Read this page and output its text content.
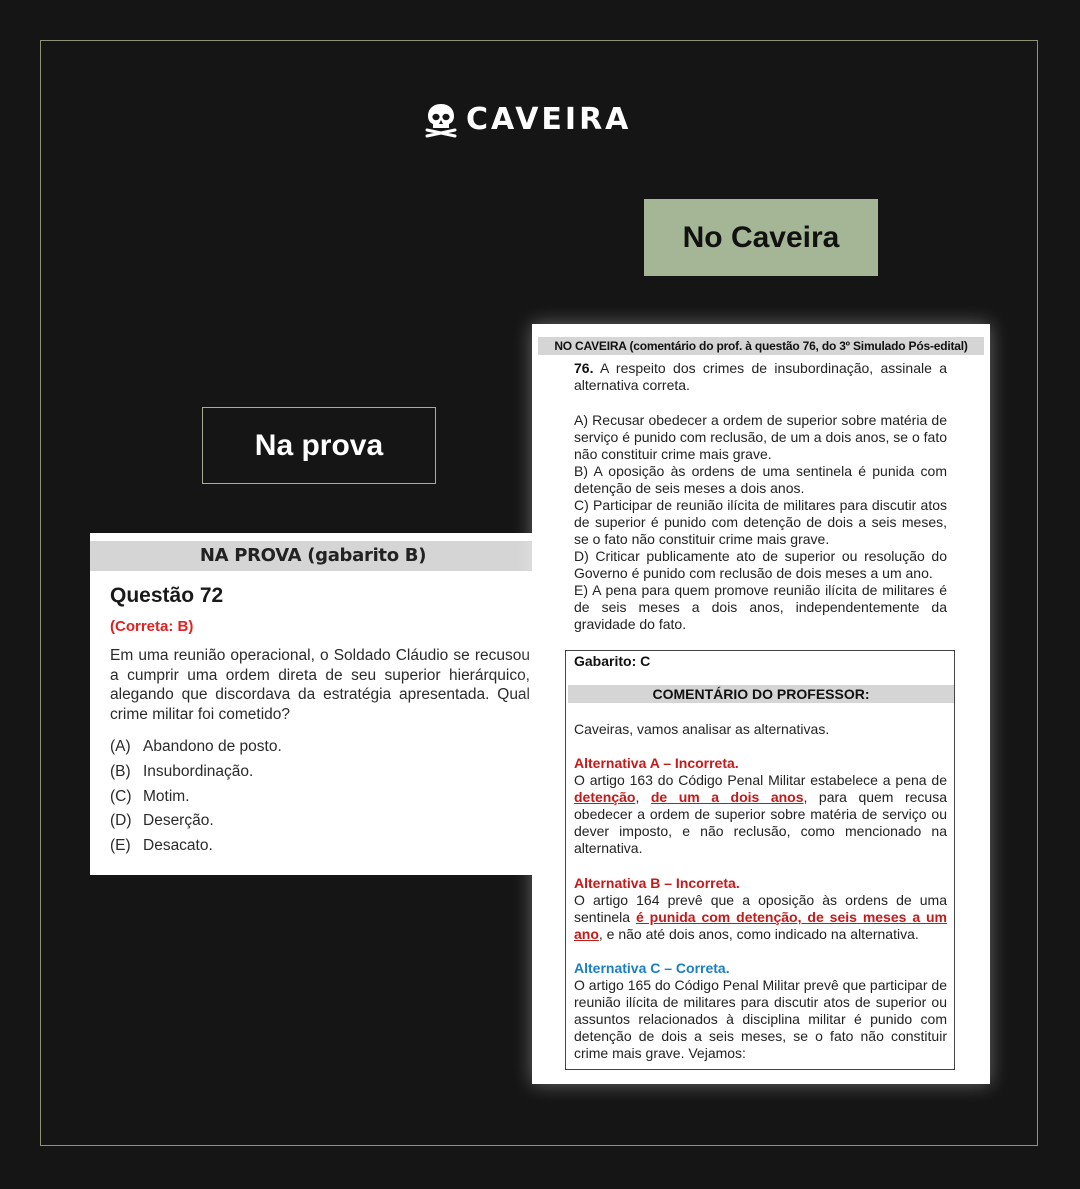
CAVEIRA
No Caveira
Na prova
NA PROVA (gabarito B)
Questão 72
(Correta: B)
Em uma reunião operacional, o Soldado Cláudio se recusou a cumprir uma ordem direta de seu superior hierárquico, alegando que discordava da estratégia apresentada. Qual crime militar foi cometido?
(A) Abandono de posto.
(B) Insubordinação.
(C) Motim.
(D) Deserção.
(E) Desacato.
NO CAVEIRA (comentário do prof. à questão 76, do 3º Simulado Pós-edital)
76. A respeito dos crimes de insubordinação, assinale a alternativa correta.
A) Recusar obedecer a ordem de superior sobre matéria de serviço é punido com reclusão, de um a dois anos, se o fato não constituir crime mais grave.
B) A oposição às ordens de uma sentinela é punida com detenção de seis meses a dois anos.
C) Participar de reunião ilícita de militares para discutir atos de superior é punido com detenção de dois a seis meses, se o fato não constituir crime mais grave.
D) Criticar publicamente ato de superior ou resolução do Governo é punido com reclusão de dois meses a um ano.
E) A pena para quem promove reunião ilícita de militares é de seis meses a dois anos, independentemente da gravidade do fato.
Gabarito: C
COMENTÁRIO DO PROFESSOR:
Caveiras, vamos analisar as alternativas.
Alternativa A – Incorreta.
O artigo 163 do Código Penal Militar estabelece a pena de detenção, de um a dois anos, para quem recusa obedecer a ordem de superior sobre matéria de serviço ou dever imposto, e não reclusão, como mencionado na alternativa.
Alternativa B – Incorreta.
O artigo 164 prevê que a oposição às ordens de uma sentinela é punida com detenção, de seis meses a um ano, e não até dois anos, como indicado na alternativa.
Alternativa C – Correta.
O artigo 165 do Código Penal Militar prevê que participar de reunião ilícita de militares para discutir atos de superior ou assuntos relacionados à disciplina militar é punido com detenção de dois a seis meses, se o fato não constituir crime mais grave. Vejamos:
